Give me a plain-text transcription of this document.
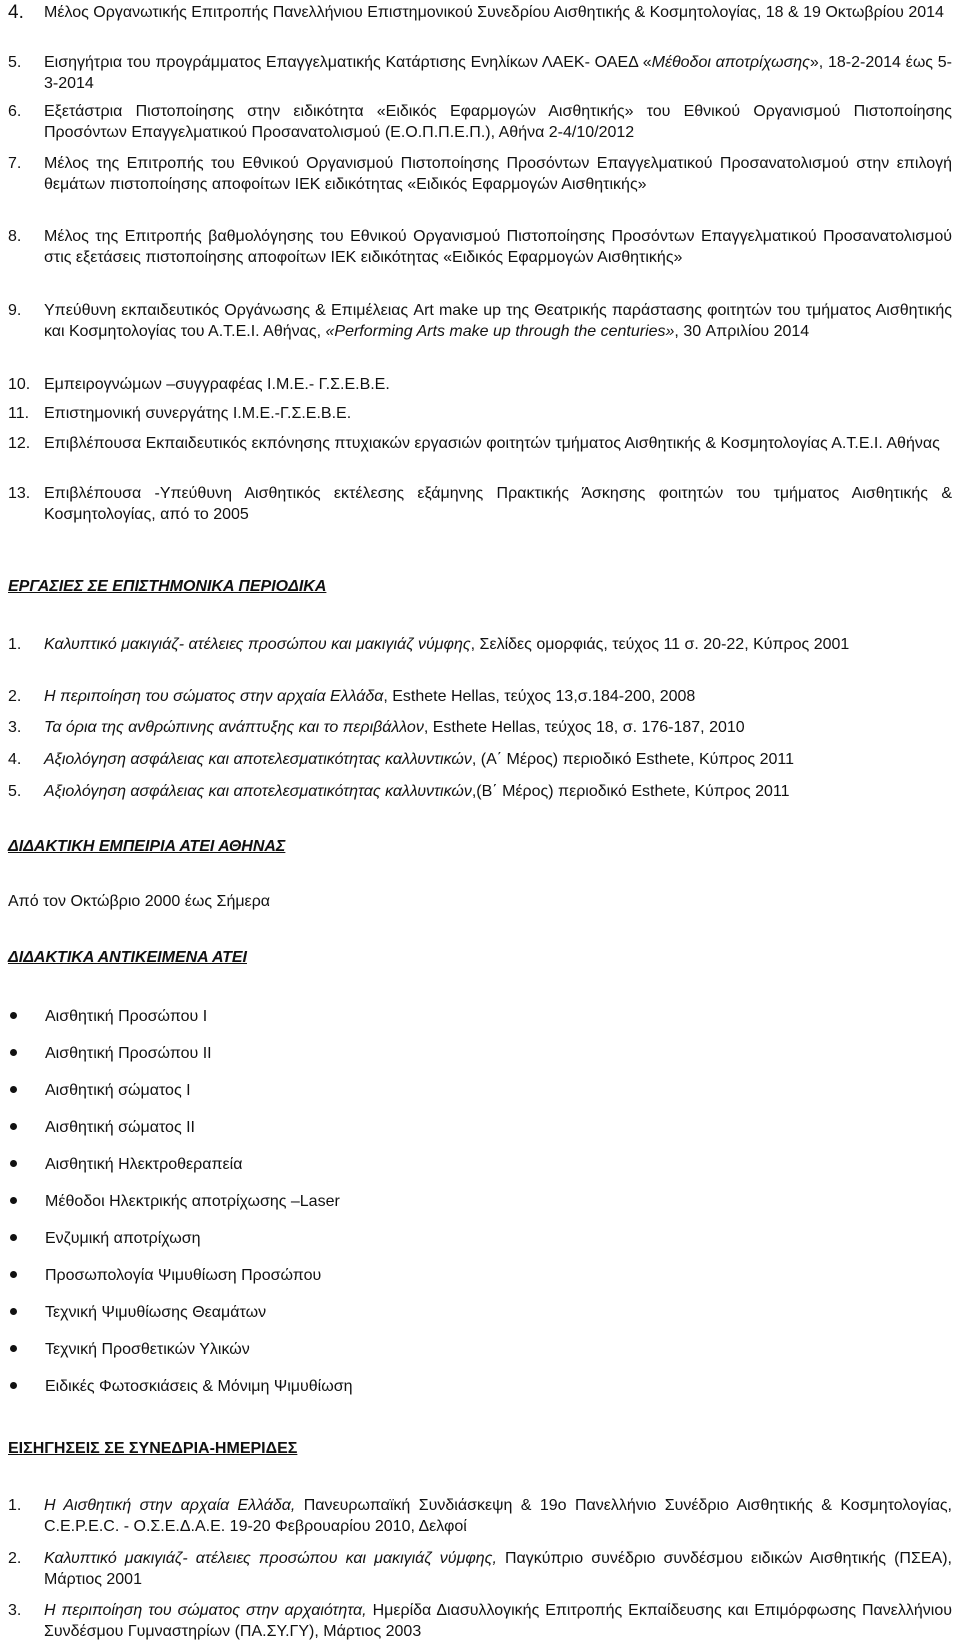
4. Μέλος Οργανωτικής Επιτροπής Πανελλήνιου Επιστημονικού Συνεδρίου Αισθητικής & Κοσμητολογίας, 18 & 19 Οκτωβρίου 2014
5. Εισηγήτρια του προγράμματος Επαγγελματικής Κατάρτισης Ενηλίκων ΛΑΕΚ- ΟΑΕΔ «Μέθοδοι αποτρίχωσης», 18-2-2014 έως 5-3-2014
6. Εξετάστρια Πιστοποίησης στην ειδικότητα «Ειδικός Εφαρμογών Αισθητικής» του Εθνικού Οργανισμού Πιστοποίησης Προσόντων Επαγγελματικού Προσανατολισμού (Ε.Ο.Π.Π.Ε.Π.), Αθήνα 2-4/10/2012
7. Μέλος της Επιτροπής του Εθνικού Οργανισμού Πιστοποίησης Προσόντων Επαγγελματικού Προσανατολισμού στην επιλογή θεμάτων πιστοποίησης αποφοίτων ΙΕΚ ειδικότητας «Ειδικός Εφαρμογών Αισθητικής»
8. Μέλος της Επιτροπής βαθμολόγησης του Εθνικού Οργανισμού Πιστοποίησης Προσόντων Επαγγελματικού Προσανατολισμού στις εξετάσεις πιστοποίησης αποφοίτων ΙΕΚ ειδικότητας «Ειδικός Εφαρμογών Αισθητικής»
9. Υπεύθυνη εκπαιδευτικός Οργάνωσης & Επιμέλειας Art make up της Θεατρικής παράστασης φοιτητών του τμήματος Αισθητικής και Κοσμητολογίας του Α.Τ.Ε.Ι. Αθήνας, «Performing Arts make up through the centuries», 30 Απριλίου 2014
10. Εμπειρογνώμων –συγγραφέας Ι.Μ.Ε.- Γ.Σ.Ε.Β.Ε.
11. Επιστημονική συνεργάτης Ι.Μ.Ε.-Γ.Σ.Ε.Β.Ε.
12. Επιβλέπουσα Εκπαιδευτικός εκπόνησης πτυχιακών εργασιών φοιτητών τμήματος Αισθητικής & Κοσμητολογίας Α.Τ.Ε.Ι. Αθήνας
13. Επιβλέπουσα -Υπεύθυνη Αισθητικός εκτέλεσης εξάμηνης Πρακτικής Άσκησης φοιτητών του τμήματος Αισθητικής & Κοσμητολογίας, από το 2005
ΕΡΓΑΣΙΕΣ ΣΕ ΕΠΙΣΤΗΜΟΝΙΚΑ ΠΕΡΙΟΔΙΚΑ
1. Καλυπτικό μακιγιάζ- ατέλειες προσώπου και μακιγιάζ νύμφης, Σελίδες ομορφιάς, τεύχος 11 σ. 20-22, Κύπρος 2001
2. Η περιποίηση του σώματος στην αρχαία Ελλάδα, Esthete Hellas, τεύχος 13,σ.184-200, 2008
3. Τα όρια της ανθρώπινης ανάπτυξης και το περιβάλλον, Esthete Hellas, τεύχος 18, σ. 176-187, 2010
4. Αξιολόγηση ασφάλειας και αποτελεσματικότητας καλλυντικών, (Α΄ Μέρος) περιοδικό Esthete, Κύπρος 2011
5. Αξιολόγηση ασφάλειας και αποτελεσματικότητας καλλυντικών,(Β΄ Μέρος) περιοδικό Esthete, Κύπρος 2011
ΔΙΔΑΚΤΙΚΗ ΕΜΠΕΙΡΙΑ ΑΤΕΙ ΑΘΗΝΑΣ
Από τον Οκτώβριο 2000 έως Σήμερα
ΔΙΔΑΚΤΙΚΑ ΑΝΤΙΚΕΙΜΕΝΑ ΑΤΕΙ
Αισθητική Προσώπου Ι
Αισθητική Προσώπου ΙΙ
Αισθητική σώματος Ι
Αισθητική σώματος ΙΙ
Αισθητική Ηλεκτροθεραπεία
Μέθοδοι Ηλεκτρικής αποτρίχωσης –Laser
Ενζυμική αποτρίχωση
Προσωπολογία Ψιμυθίωση Προσώπου
Τεχνική Ψιμυθίωσης Θεαμάτων
Τεχνική Προσθετικών Υλικών
Ειδικές Φωτοσκιάσεις & Μόνιμη Ψιμυθίωση
ΕΙΣΗΓΗΣΕΙΣ ΣΕ ΣΥΝΕΔΡΙΑ-ΗΜΕΡΙΔΕΣ
1. Η Αισθητική στην αρχαία Ελλάδα, Πανευρωπαϊκή Συνδιάσκεψη & 19ο Πανελλήνιο Συνέδριο Αισθητικής & Κοσμητολογίας, C.E.P.E.C. - Ο.Σ.Ε.Δ.Α.Ε. 19-20 Φεβρουαρίου 2010, Δελφοί
2. Καλυπτικό μακιγιάζ- ατέλειες προσώπου και μακιγιάζ νύμφης, Παγκύπριο συνέδριο συνδέσμου ειδικών Αισθητικής (ΠΣΕΑ), Μάρτιος 2001
3. Η περιποίηση του σώματος στην αρχαιότητα, Ημερίδα Διασυλλογικής Επιτροπής Εκπαίδευσης και Επιμόρφωσης Πανελλήνιου Συνδέσμου Γυμναστηρίων (ΠΑ.ΣΥ.ΓΥ), Μάρτιος 2003
